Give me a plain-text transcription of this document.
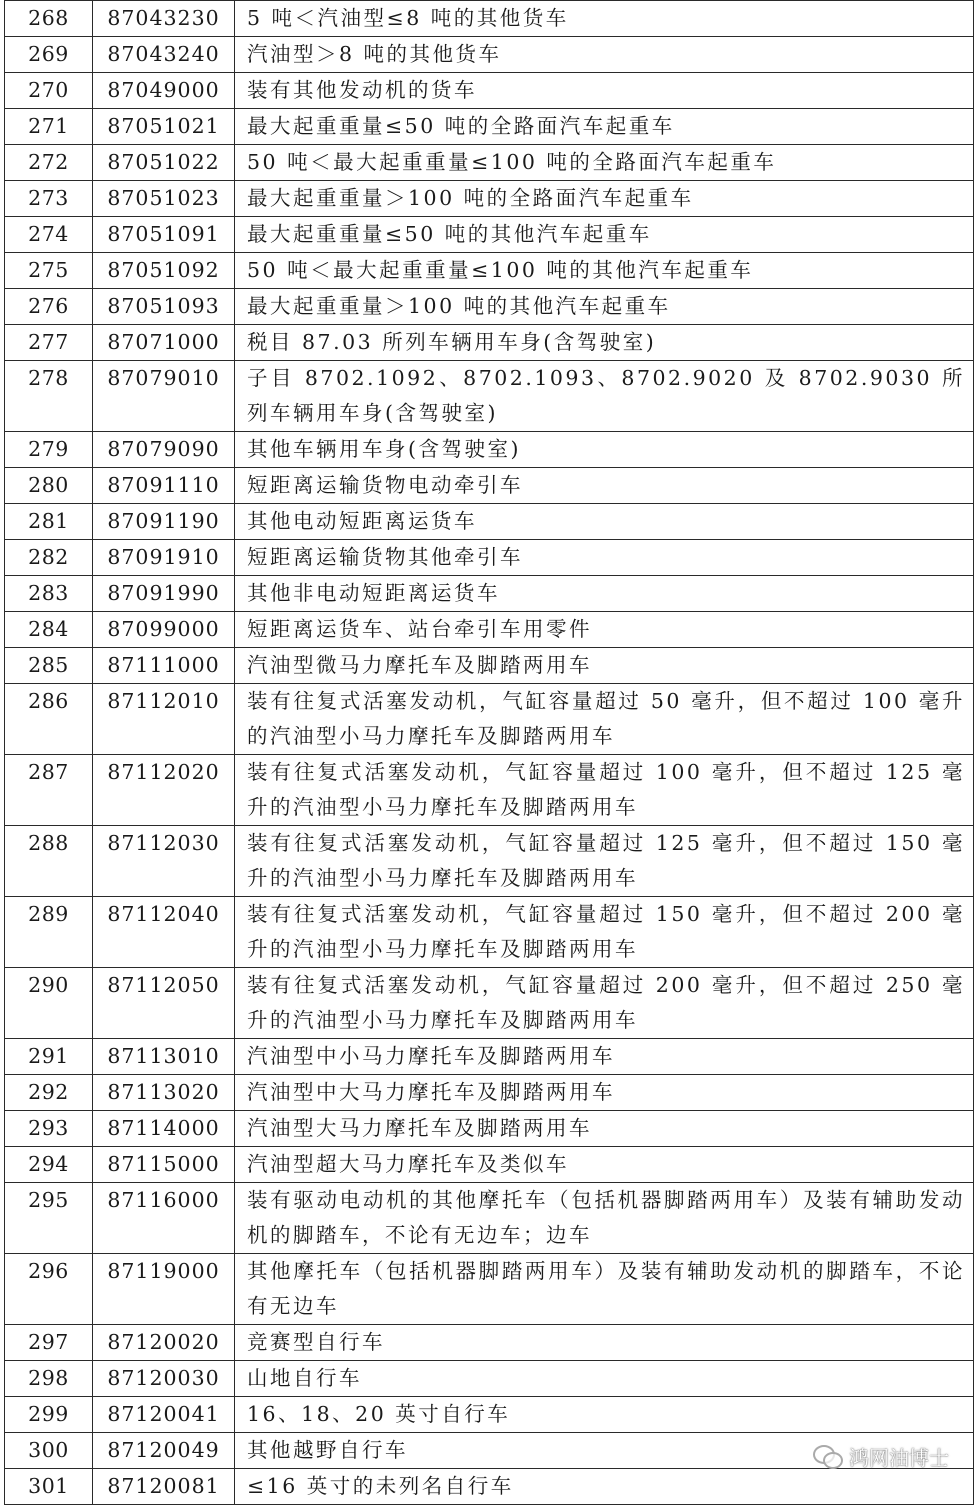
268	87043230	5 吨＜汽油型≤8 吨的其他货车
269	87043240	汽油型＞8 吨的其他货车
270	87049000	装有其他发动机的货车
271	87051021	最大起重重量≤50 吨的全路面汽车起重车
272	87051022	50 吨＜最大起重重量≤100 吨的全路面汽车起重车
273	87051023	最大起重重量＞100 吨的全路面汽车起重车
274	87051091	最大起重重量≤50 吨的其他汽车起重车
275	87051092	50 吨＜最大起重重量≤100 吨的其他汽车起重车
276	87051093	最大起重重量＞100 吨的其他汽车起重车
277	87071000	税目 87.03 所列车辆用车身(含驾驶室)
278	87079010	子目 8702.1092、8702.1093、8702.9020 及 8702.9030 所列车辆用车身(含驾驶室)
279	87079090	其他车辆用车身(含驾驶室)
280	87091110	短距离运输货物电动牵引车
281	87091190	其他电动短距离运货车
282	87091910	短距离运输货物其他牵引车
283	87091990	其他非电动短距离运货车
284	87099000	短距离运货车、站台牵引车用零件
285	87111000	汽油型微马力摩托车及脚踏两用车
286	87112010	装有往复式活塞发动机，气缸容量超过 50 毫升，但不超过 100 毫升的汽油型小马力摩托车及脚踏两用车
287	87112020	装有往复式活塞发动机，气缸容量超过 100 毫升，但不超过 125 毫升的汽油型小马力摩托车及脚踏两用车
288	87112030	装有往复式活塞发动机，气缸容量超过 125 毫升，但不超过 150 毫升的汽油型小马力摩托车及脚踏两用车
289	87112040	装有往复式活塞发动机，气缸容量超过 150 毫升，但不超过 200 毫升的汽油型小马力摩托车及脚踏两用车
290	87112050	装有往复式活塞发动机，气缸容量超过 200 毫升，但不超过 250 毫升的汽油型小马力摩托车及脚踏两用车
291	87113010	汽油型中小马力摩托车及脚踏两用车
292	87113020	汽油型中大马力摩托车及脚踏两用车
293	87114000	汽油型大马力摩托车及脚踏两用车
294	87115000	汽油型超大马力摩托车及类似车
295	87116000	装有驱动电动机的其他摩托车（包括机器脚踏两用车）及装有辅助发动机的脚踏车，不论有无边车；边车
296	87119000	其他摩托车（包括机器脚踏两用车）及装有辅助发动机的脚踏车，不论有无边车
297	87120020	竞赛型自行车
298	87120030	山地自行车
299	87120041	16、18、20 英寸自行车
300	87120049	其他越野自行车
301	87120081	≤16 英寸的未列名自行车
鸿网油博士
